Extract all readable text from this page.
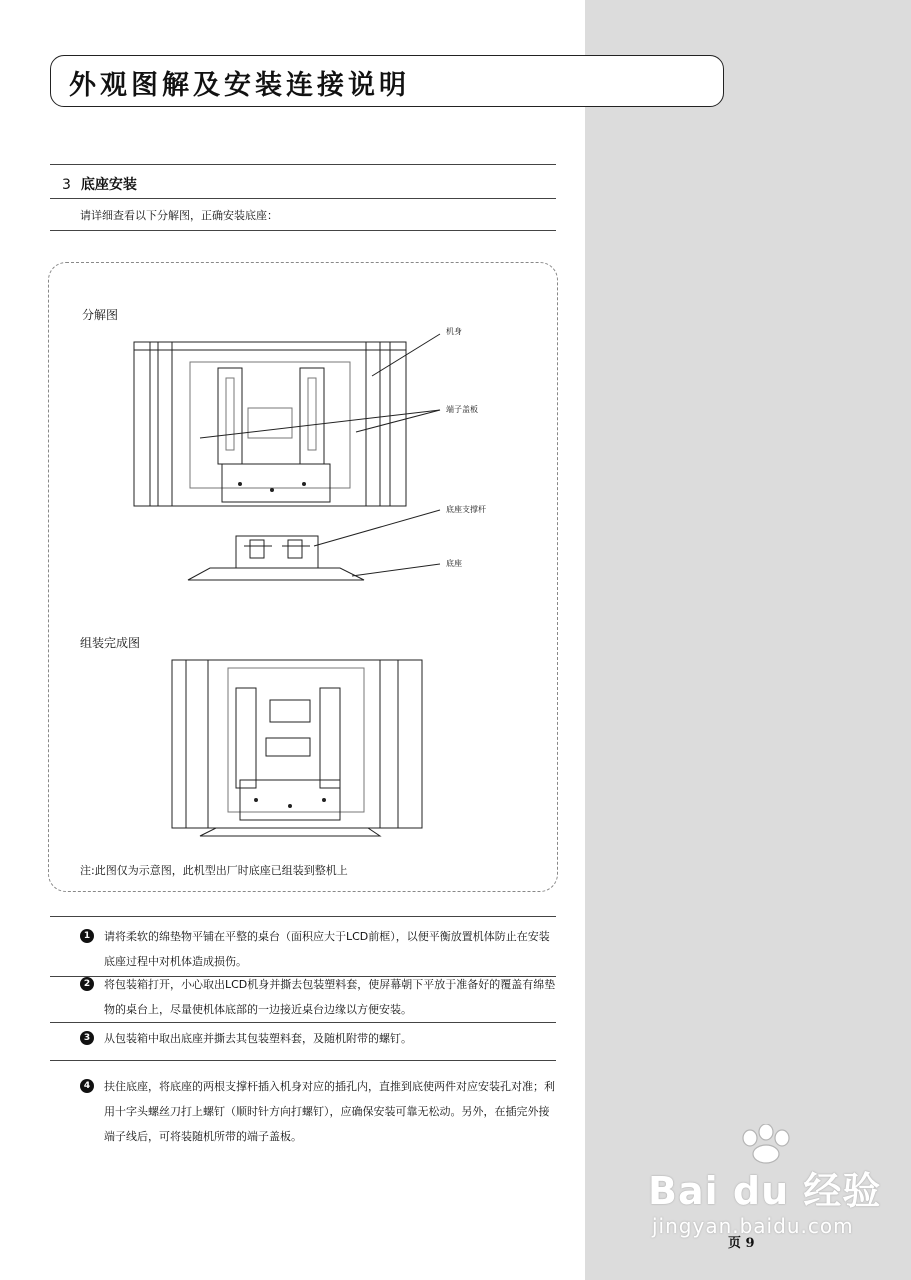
外观图解及安装连接说明
3 底座安装
请详细查看以下分解图，正确安装底座：
分解图
组装完成图
机身
端子盖板
底座支撑杆
底座
注:此图仅为示意图，此机型出厂时底座已组装到整机上
1	请将柔软的绵垫物平铺在平整的桌台（面积应大于LCD前框），以便平衡放置机体防止在安装底座过程中对机体造成损伤。
2	将包装箱打开，小心取出LCD机身并撕去包装塑料套，使屏幕朝下平放于准备好的覆盖有绵垫物的桌台上，尽量使机体底部的一边接近桌台边缘以方便安装。
3	从包装箱中取出底座并撕去其包装塑料套，及随机附带的螺钉。
4	扶住底座，将底座的两根支撑杆插入机身对应的插孔内，直推到底使两件对应安装孔对准；利用十字头螺丝刀打上螺钉（顺时针方向打螺钉），应确保安装可靠无松动。另外，在插完外接端子线后，可将装随机所带的端子盖板。
Bai du 经验
jingyan.baidu.com
页 9
